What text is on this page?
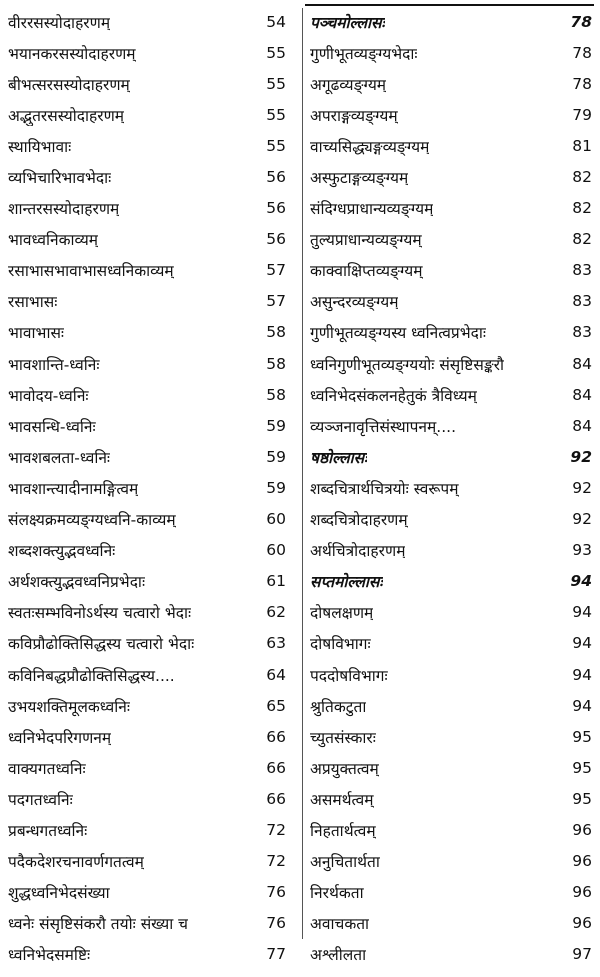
वीररसस्योदाहरणम्	54
भयानकरसस्योदाहरणम्	55
बीभत्सरसस्योदाहरणम्	55
अद्भुतरसस्योदाहरणम्	55
स्थायिभावाः	55
व्यभिचारिभावभेदाः	56
शान्तरसस्योदाहरणम्	56
भावध्वनिकाव्यम्	56
रसाभासभावाभासध्वनिकाव्यम्	57
रसाभासः	57
भावाभासः	58
भावशान्ति-ध्वनिः	58
भावोदय-ध्वनिः	58
भावसन्धि-ध्वनिः	59
भावशबलता-ध्वनिः	59
भावशान्त्यादीनामङ्गित्वम्	59
संलक्ष्यक्रमव्यङ्ग्यध्वनि-काव्यम्	60
शब्दशक्त्युद्भवध्वनिः	60
अर्थशक्त्युद्भवध्वनिप्रभेदाः	61
स्वतःसम्भविनोऽर्थस्य चत्वारो भेदाः	62
कविप्रौढोक्तिसिद्धस्य चत्वारो भेदाः	63
कविनिबद्धप्रौढोक्तिसिद्धस्य....	64
उभयशक्तिमूलकध्वनिः	65
ध्वनिभेदपरिगणनम्	66
वाक्यगतध्वनिः	66
पदगतध्वनिः	66
प्रबन्धगतध्वनिः	72
पदैकदेशरचनावर्णगतत्वम्	72
शुद्धध्वनिभेदसंख्या	76
ध्वनेः संसृष्टिसंकरौ तयोः संख्या च	76
ध्वनिभेदसमष्टिः	77
पञ्चमोल्लासः	78
गुणीभूतव्यङ्ग्यभेदाः	78
अगूढव्यङ्ग्यम्	78
अपराङ्गव्यङ्ग्यम्	79
वाच्यसिद्ध्यङ्गव्यङ्ग्यम्	81
अस्फुटाङ्गव्यङ्ग्यम्	82
संदिग्धप्राधान्यव्यङ्ग्यम्	82
तुल्यप्राधान्यव्यङ्ग्यम्	82
काक्वाक्षिप्तव्यङ्ग्यम्	83
असुन्दरव्यङ्ग्यम्	83
गुणीभूतव्यङ्ग्यस्य ध्वनित्वप्रभेदाः	83
ध्वनिगुणीभूतव्यङ्ग्ययोः संसृष्टिसङ्करौ	84
ध्वनिभेदसंकलनहेतुकं त्रैविध्यम्	84
व्यञ्जनावृत्तिसंस्थापनम्....	84
षष्ठोल्लासः	92
शब्दचित्रार्थचित्रयोः स्वरूपम्	92
शब्दचित्रोदाहरणम्	92
अर्थचित्रोदाहरणम्	93
सप्तमोल्लासः	94
दोषलक्षणम्	94
दोषविभागः	94
पददोषविभागः	94
श्रुतिकटुता	94
च्युतसंस्कारः	95
अप्रयुक्तत्वम्	95
असमर्थत्वम्	95
निहतार्थत्वम्	96
अनुचितार्थता	96
निरर्थकता	96
अवाचकता	96
अश्लीलता	97
